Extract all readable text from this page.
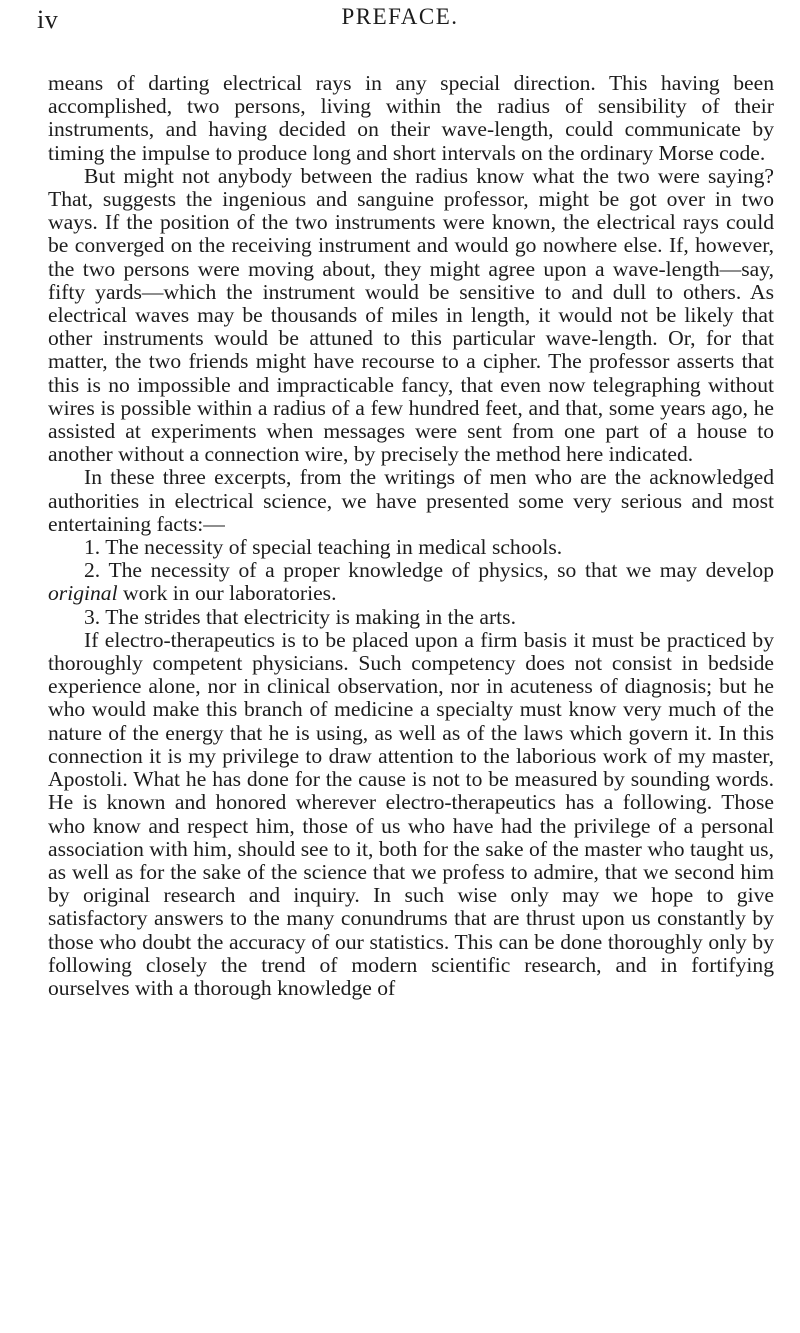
iv	PREFACE.

means of darting electrical rays in any special direction. This having been accomplished, two persons, living within the radius of sensibility of their instruments, and having decided on their wave-length, could communicate by timing the impulse to produce long and short intervals on the ordinary Morse code.

But might not anybody between the radius know what the two were saying? That, suggests the ingenious and sanguine professor, might be got over in two ways. If the position of the two instruments were known, the electrical rays could be converged on the receiving instrument and would go nowhere else. If, however, the two persons were moving about, they might agree upon a wave-length—say, fifty yards—which the instrument would be sensitive to and dull to others. As electrical waves may be thousands of miles in length, it would not be likely that other instruments would be attuned to this particular wave-length. Or, for that matter, the two friends might have recourse to a cipher. The professor asserts that this is no impossible and impracticable fancy, that even now telegraphing without wires is possible within a radius of a few hundred feet, and that, some years ago, he assisted at experiments when messages were sent from one part of a house to another without a connection wire, by precisely the method here indicated.

In these three excerpts, from the writings of men who are the acknowledged authorities in electrical science, we have presented some very serious and most entertaining facts:—

1. The necessity of special teaching in medical schools.

2. The necessity of a proper knowledge of physics, so that we may develop original work in our laboratories.

3. The strides that electricity is making in the arts.

If electro-therapeutics is to be placed upon a firm basis it must be practiced by thoroughly competent physicians. Such competency does not consist in bedside experience alone, nor in clinical observation, nor in acuteness of diagnosis; but he who would make this branch of medicine a specialty must know very much of the nature of the energy that he is using, as well as of the laws which govern it. In this connection it is my privilege to draw attention to the laborious work of my master, Apostoli. What he has done for the cause is not to be measured by sounding words. He is known and honored wherever electro-therapeutics has a following. Those who know and respect him, those of us who have had the privilege of a personal association with him, should see to it, both for the sake of the master who taught us, as well as for the sake of the science that we profess to admire, that we second him by original research and inquiry. In such wise only may we hope to give satisfactory answers to the many conundrums that are thrust upon us constantly by those who doubt the accuracy of our statistics. This can be done thoroughly only by following closely the trend of modern scientific research, and in fortifying ourselves with a thorough knowledge of
